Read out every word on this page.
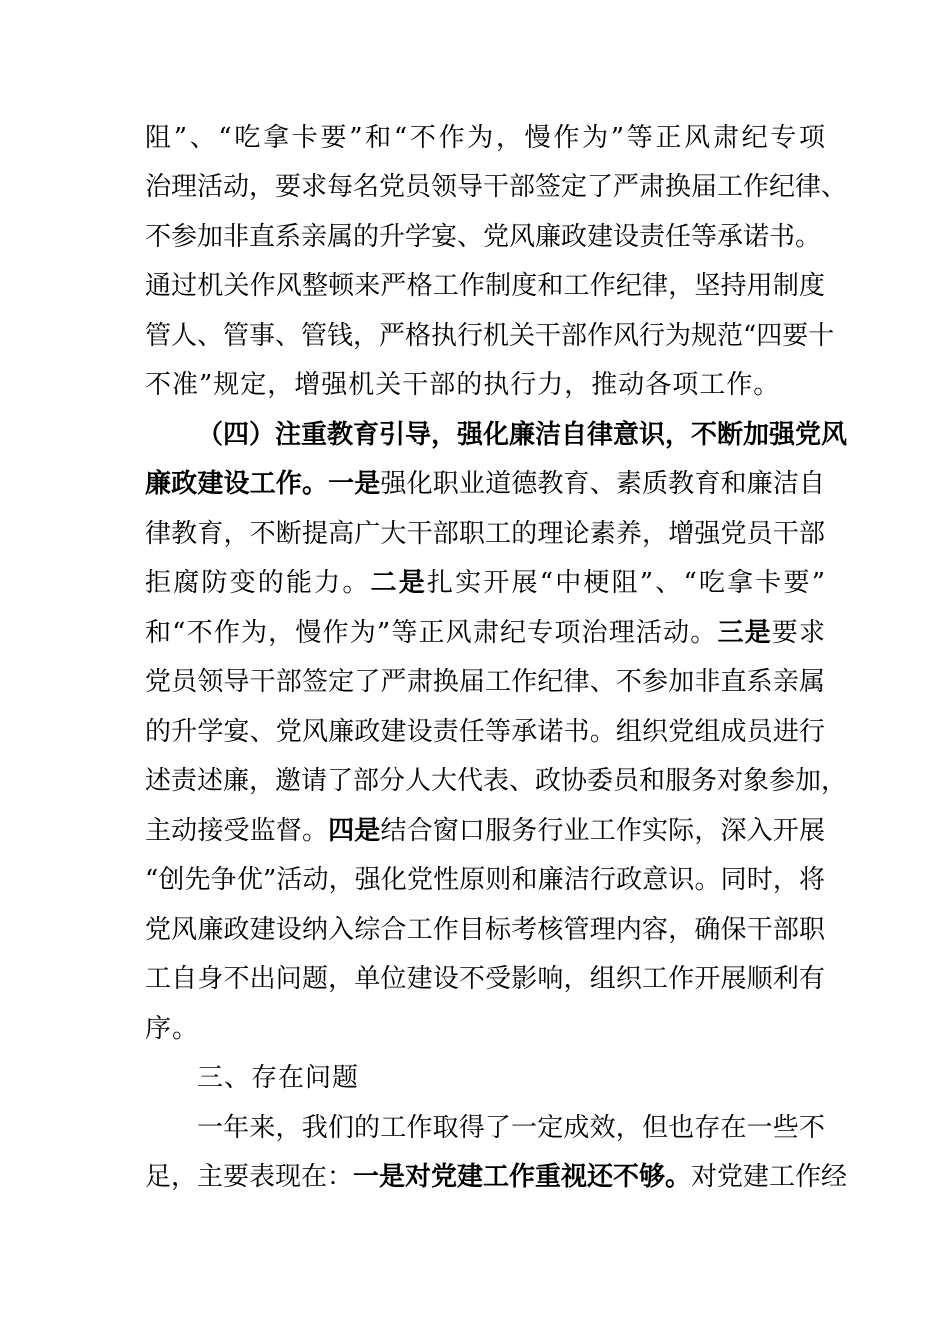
阻”、“吃拿卡要”和“不作为，慢作为”等正风肃纪专项
治理活动，要求每名党员领导干部签定了严肃换届工作纪律、
不参加非直系亲属的升学宴、党风廉政建设责任等承诺书。
通过机关作风整顿来严格工作制度和工作纪律，坚持用制度
管人、管事、管钱，严格执行机关干部作风行为规范“四要十
不准”规定，增强机关干部的执行力，推动各项工作。
（四）注重教育引导，强化廉洁自律意识，不断加强党风
廉政建设工作。一是强化职业道德教育、素质教育和廉洁自
律教育，不断提高广大干部职工的理论素养，增强党员干部
拒腐防变的能力。二是扎实开展“中梗阻”、“吃拿卡要”
和“不作为，慢作为”等正风肃纪专项治理活动。三是要求
党员领导干部签定了严肃换届工作纪律、不参加非直系亲属
的升学宴、党风廉政建设责任等承诺书。组织党组成员进行
述责述廉，邀请了部分人大代表、政协委员和服务对象参加，
主动接受监督。四是结合窗口服务行业工作实际，深入开展
“创先争优”活动，强化党性原则和廉洁行政意识。同时，将
党风廉政建设纳入综合工作目标考核管理内容，确保干部职
工自身不出问题，单位建设不受影响，组织工作开展顺利有
序。
三、存在问题
一年来，我们的工作取得了一定成效，但也存在一些不
足，主要表现在：一是对党建工作重视还不够。对党建工作经
